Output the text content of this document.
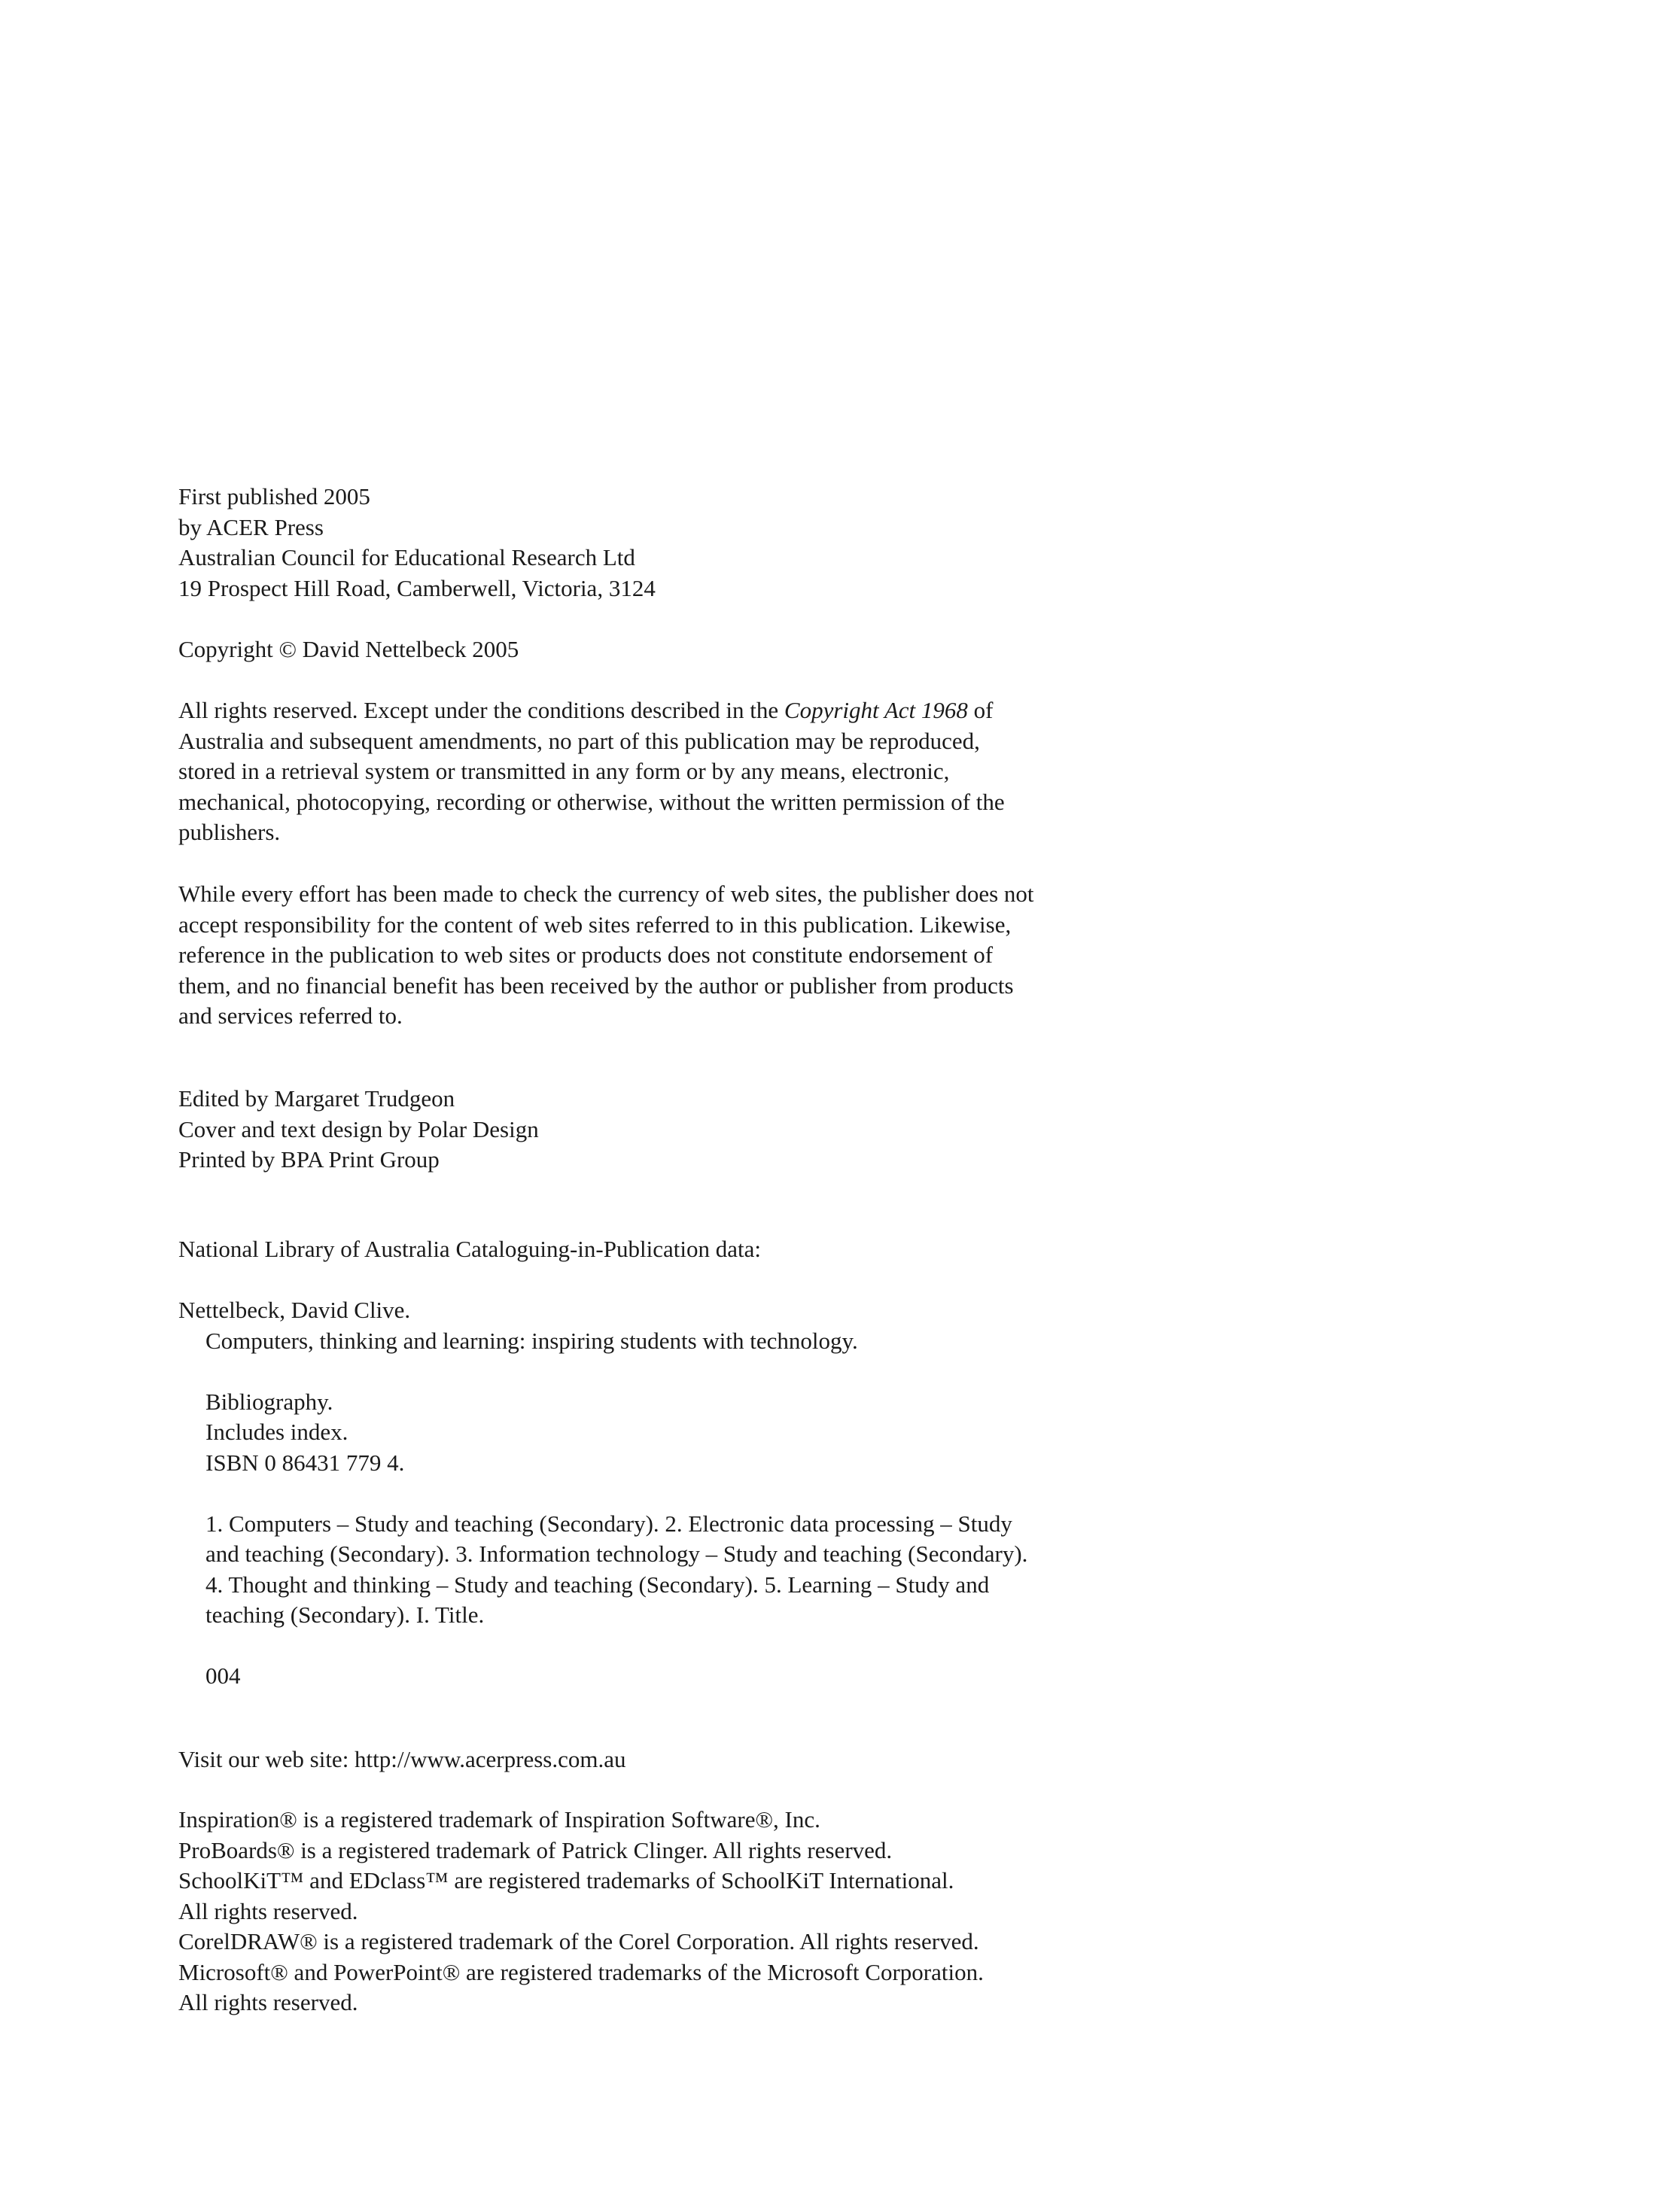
First published 2005
by ACER Press
Australian Council for Educational Research Ltd
19 Prospect Hill Road, Camberwell, Victoria, 3124
Copyright © David Nettelbeck 2005
All rights reserved. Except under the conditions described in the Copyright Act 1968 of
Australia and subsequent amendments, no part of this publication may be reproduced,
stored in a retrieval system or transmitted in any form or by any means, electronic,
mechanical, photocopying, recording or otherwise, without the written permission of the
publishers.
While every effort has been made to check the currency of web sites, the publisher does not
accept responsibility for the content of web sites referred to in this publication. Likewise,
reference in the publication to web sites or products does not constitute endorsement of
them, and no financial benefit has been received by the author or publisher from products
and services referred to.
Edited by Margaret Trudgeon
Cover and text design by Polar Design
Printed by BPA Print Group
National Library of Australia Cataloguing-in-Publication data:
Nettelbeck, David Clive.
Computers, thinking and learning: inspiring students with technology.
Bibliography.
Includes index.
ISBN 0 86431 779 4.
1. Computers – Study and teaching (Secondary). 2. Electronic data processing – Study
and teaching (Secondary). 3. Information technology – Study and teaching (Secondary).
4. Thought and thinking – Study and teaching (Secondary). 5. Learning – Study and
teaching (Secondary). I. Title.
004
Visit our web site: http://www.acerpress.com.au
Inspiration® is a registered trademark of Inspiration Software®, Inc.
ProBoards® is a registered trademark of Patrick Clinger. All rights reserved.
SchoolKiT™ and EDclass™ are registered trademarks of SchoolKiT International.
All rights reserved.
CorelDRAW® is a registered trademark of the Corel Corporation. All rights reserved.
Microsoft® and PowerPoint® are registered trademarks of the Microsoft Corporation.
All rights reserved.
